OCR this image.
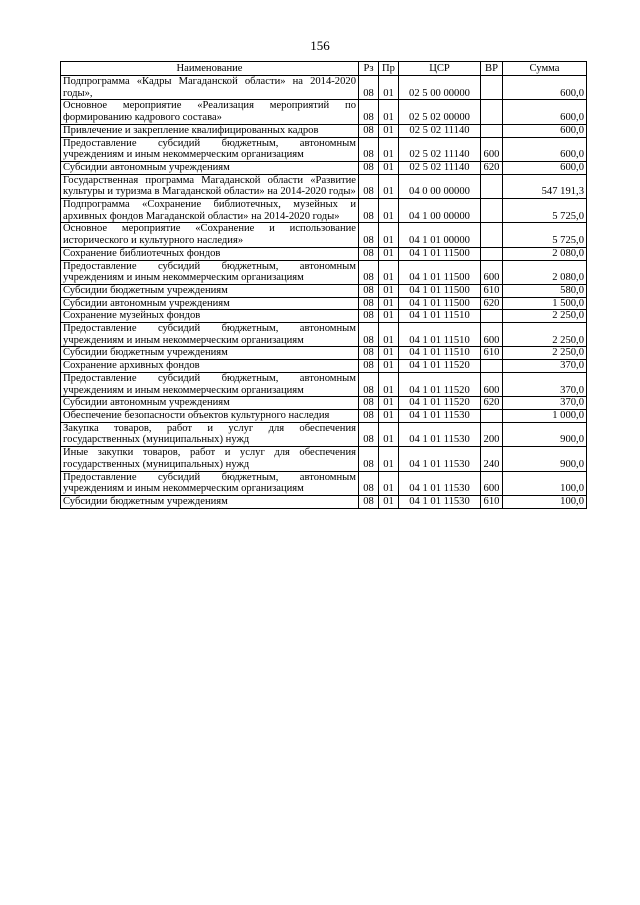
156
Наименование	Рз	Пр	ЦСР	ВР	Сумма
Подпрограмма «Кадры Магаданской области» на 2014-2020 годы»,	08	01	02 5 00 00000		600,0
Основное мероприятие «Реализация мероприятий по формированию кадрового состава»	08	01	02 5 02 00000		600,0
Привлечение и закрепление квалифицированных кадров	08	01	02 5 02 11140		600,0
Предоставление субсидий бюджетным, автономным учреждениям и иным некоммерческим организациям	08	01	02 5 02 11140	600	600,0
Субсидии автономным учреждениям	08	01	02 5 02 11140	620	600,0
Государственная программа Магаданской области «Развитие культуры и туризма в Магаданской области» на 2014-2020 годы»	08	01	04 0 00 00000		547 191,3
Подпрограмма «Сохранение библиотечных, музейных и архивных фондов Магаданской области» на 2014-2020 годы»	08	01	04 1 00 00000		5 725,0
Основное мероприятие «Сохранение и использование исторического и культурного наследия»	08	01	04 1 01 00000		5 725,0
Сохранение библиотечных фондов	08	01	04 1 01 11500		2 080,0
Предоставление субсидий бюджетным, автономным учреждениям и иным некоммерческим организациям	08	01	04 1 01 11500	600	2 080,0
Субсидии бюджетным учреждениям	08	01	04 1 01 11500	610	580,0
Субсидии автономным учреждениям	08	01	04 1 01 11500	620	1 500,0
Сохранение музейных фондов	08	01	04 1 01 11510		2 250,0
Предоставление субсидий бюджетным, автономным учреждениям и иным некоммерческим организациям	08	01	04 1 01 11510	600	2 250,0
Субсидии бюджетным учреждениям	08	01	04 1 01 11510	610	2 250,0
Сохранение архивных фондов	08	01	04 1 01 11520		370,0
Предоставление субсидий бюджетным, автономным учреждениям и иным некоммерческим организациям	08	01	04 1 01 11520	600	370,0
Субсидии автономным учреждениям	08	01	04 1 01 11520	620	370,0
Обеспечение безопасности объектов культурного наследия	08	01	04 1 01 11530		1 000,0
Закупка товаров, работ и услуг для обеспечения государственных (муниципальных) нужд	08	01	04 1 01 11530	200	900,0
Иные закупки товаров, работ и услуг для обеспечения государственных (муниципальных) нужд	08	01	04 1 01 11530	240	900,0
Предоставление субсидий бюджетным, автономным учреждениям и иным некоммерческим организациям	08	01	04 1 01 11530	600	100,0
Субсидии бюджетным учреждениям	08	01	04 1 01 11530	610	100,0
